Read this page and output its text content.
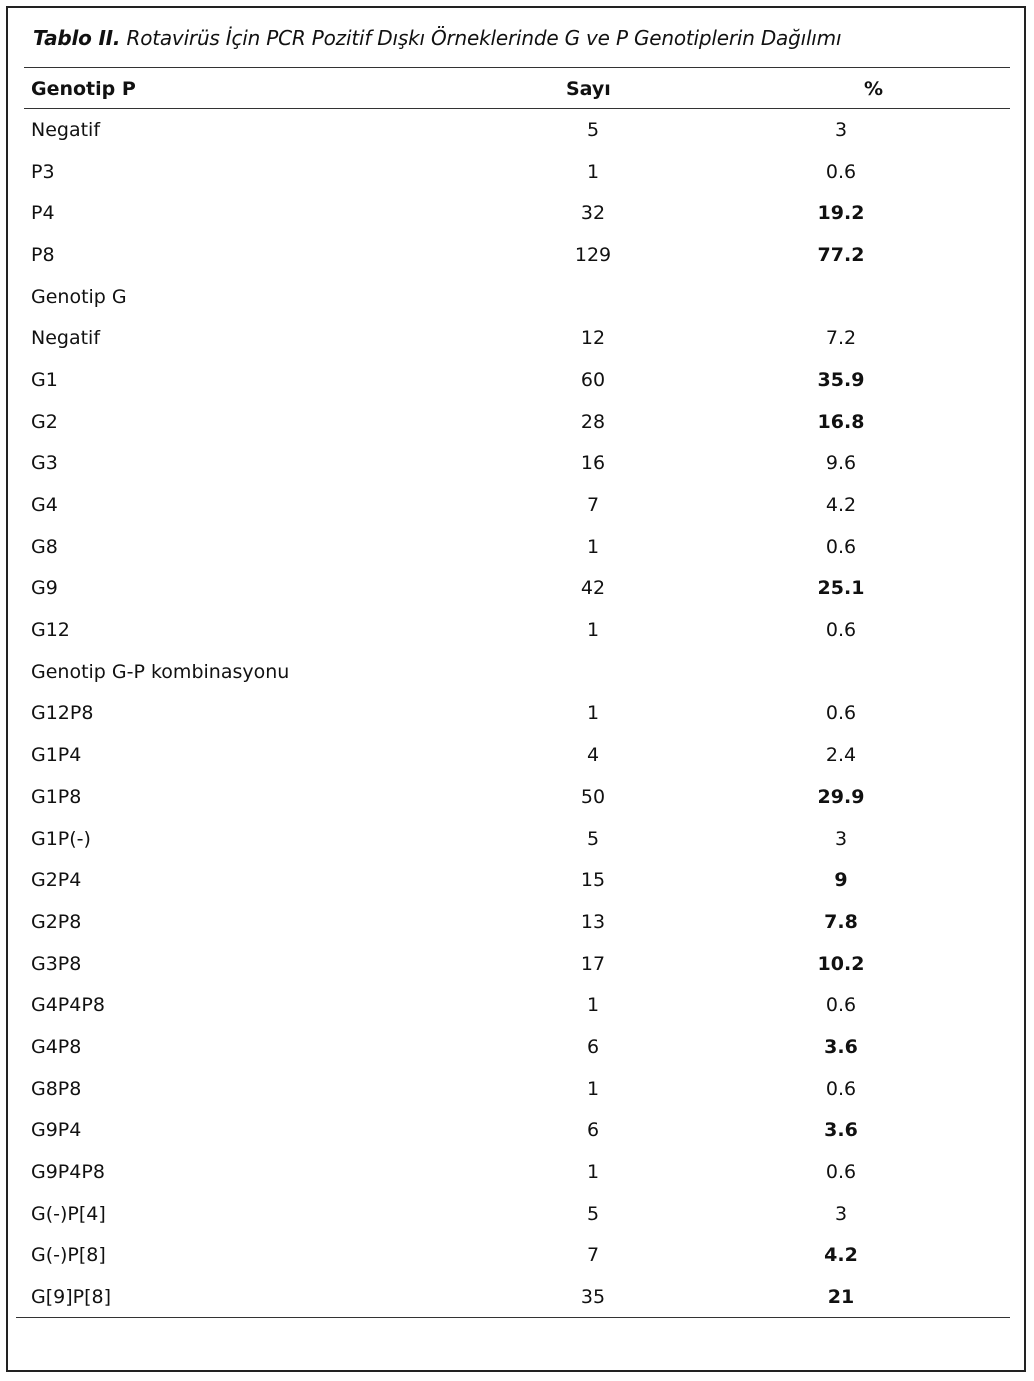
Tablo II. Rotavirüs İçin PCR Pozitif Dışkı Örneklerinde G ve P Genotiplerin Dağılımı
Genotip P	Sayı	%
Negatif	5	3	
P3	1	0.6	
P4	32	19.2	
P8	129	77.2	
Genotip G			
Negatif	12	7.2	
G1	60	35.9	
G2	28	16.8	
G3	16	9.6	
G4	7	4.2	
G8	1	0.6	
G9	42	25.1	
G12	1	0.6	
Genotip G-P kombinasyonu			
G12P8	1	0.6	
G1P4	4	2.4	
G1P8	50	29.9	
G1P(-)	5	3	
G2P4	15	9	
G2P8	13	7.8	
G3P8	17	10.2	
G4P4P8	1	0.6	
G4P8	6	3.6	
G8P8	1	0.6	
G9P4	6	3.6	
G9P4P8	1	0.6	
G(-)P[4]	5	3	
G(-)P[8]	7	4.2	
G[9]P[8]	35	21	
